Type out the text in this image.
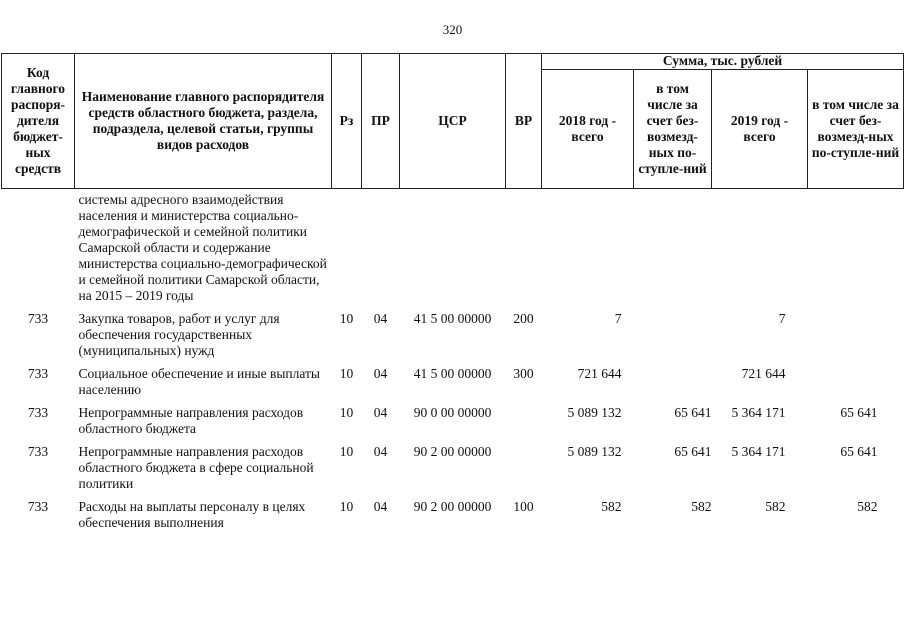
320
Код главного распоря-дителя бюджет-ных средств	Наименование главного распорядителя средств областного бюджета, раздела, подраздела, целевой статьи, группы видов расходов	Рз	ПР	ЦСР	ВР	Сумма, тыс. рублей			
						2018 год - всего	в том числе за счет без-возмезд-ных по-ступле-ний	2019 год - всего	в том числе за счет без-возмезд-ных по-ступле-ний
	системы адресного взаимодействия населения и министерства социально-демографической и семейной политики Самарской области и содержание министерства социально-демографической и семейной политики Самарской области, на 2015 – 2019 годы								
733	Закупка товаров, работ и услуг для обеспечения государственных (муниципальных) нужд	10	04	41 5 00 00000	200	7		7	
733	Социальное обеспечение и иные выплаты населению	10	04	41 5 00 00000	300	721 644		721 644	
733	Непрограммные направления расходов областного бюджета	10	04	90 0 00 00000		5 089 132	65 641	5 364 171	65 641
733	Непрограммные направления расходов областного бюджета в сфере социальной политики	10	04	90 2 00 00000		5 089 132	65 641	5 364 171	65 641
733	Расходы на выплаты персоналу в целях обеспечения выполнения	10	04	90 2 00 00000	100	582	582	582	582
